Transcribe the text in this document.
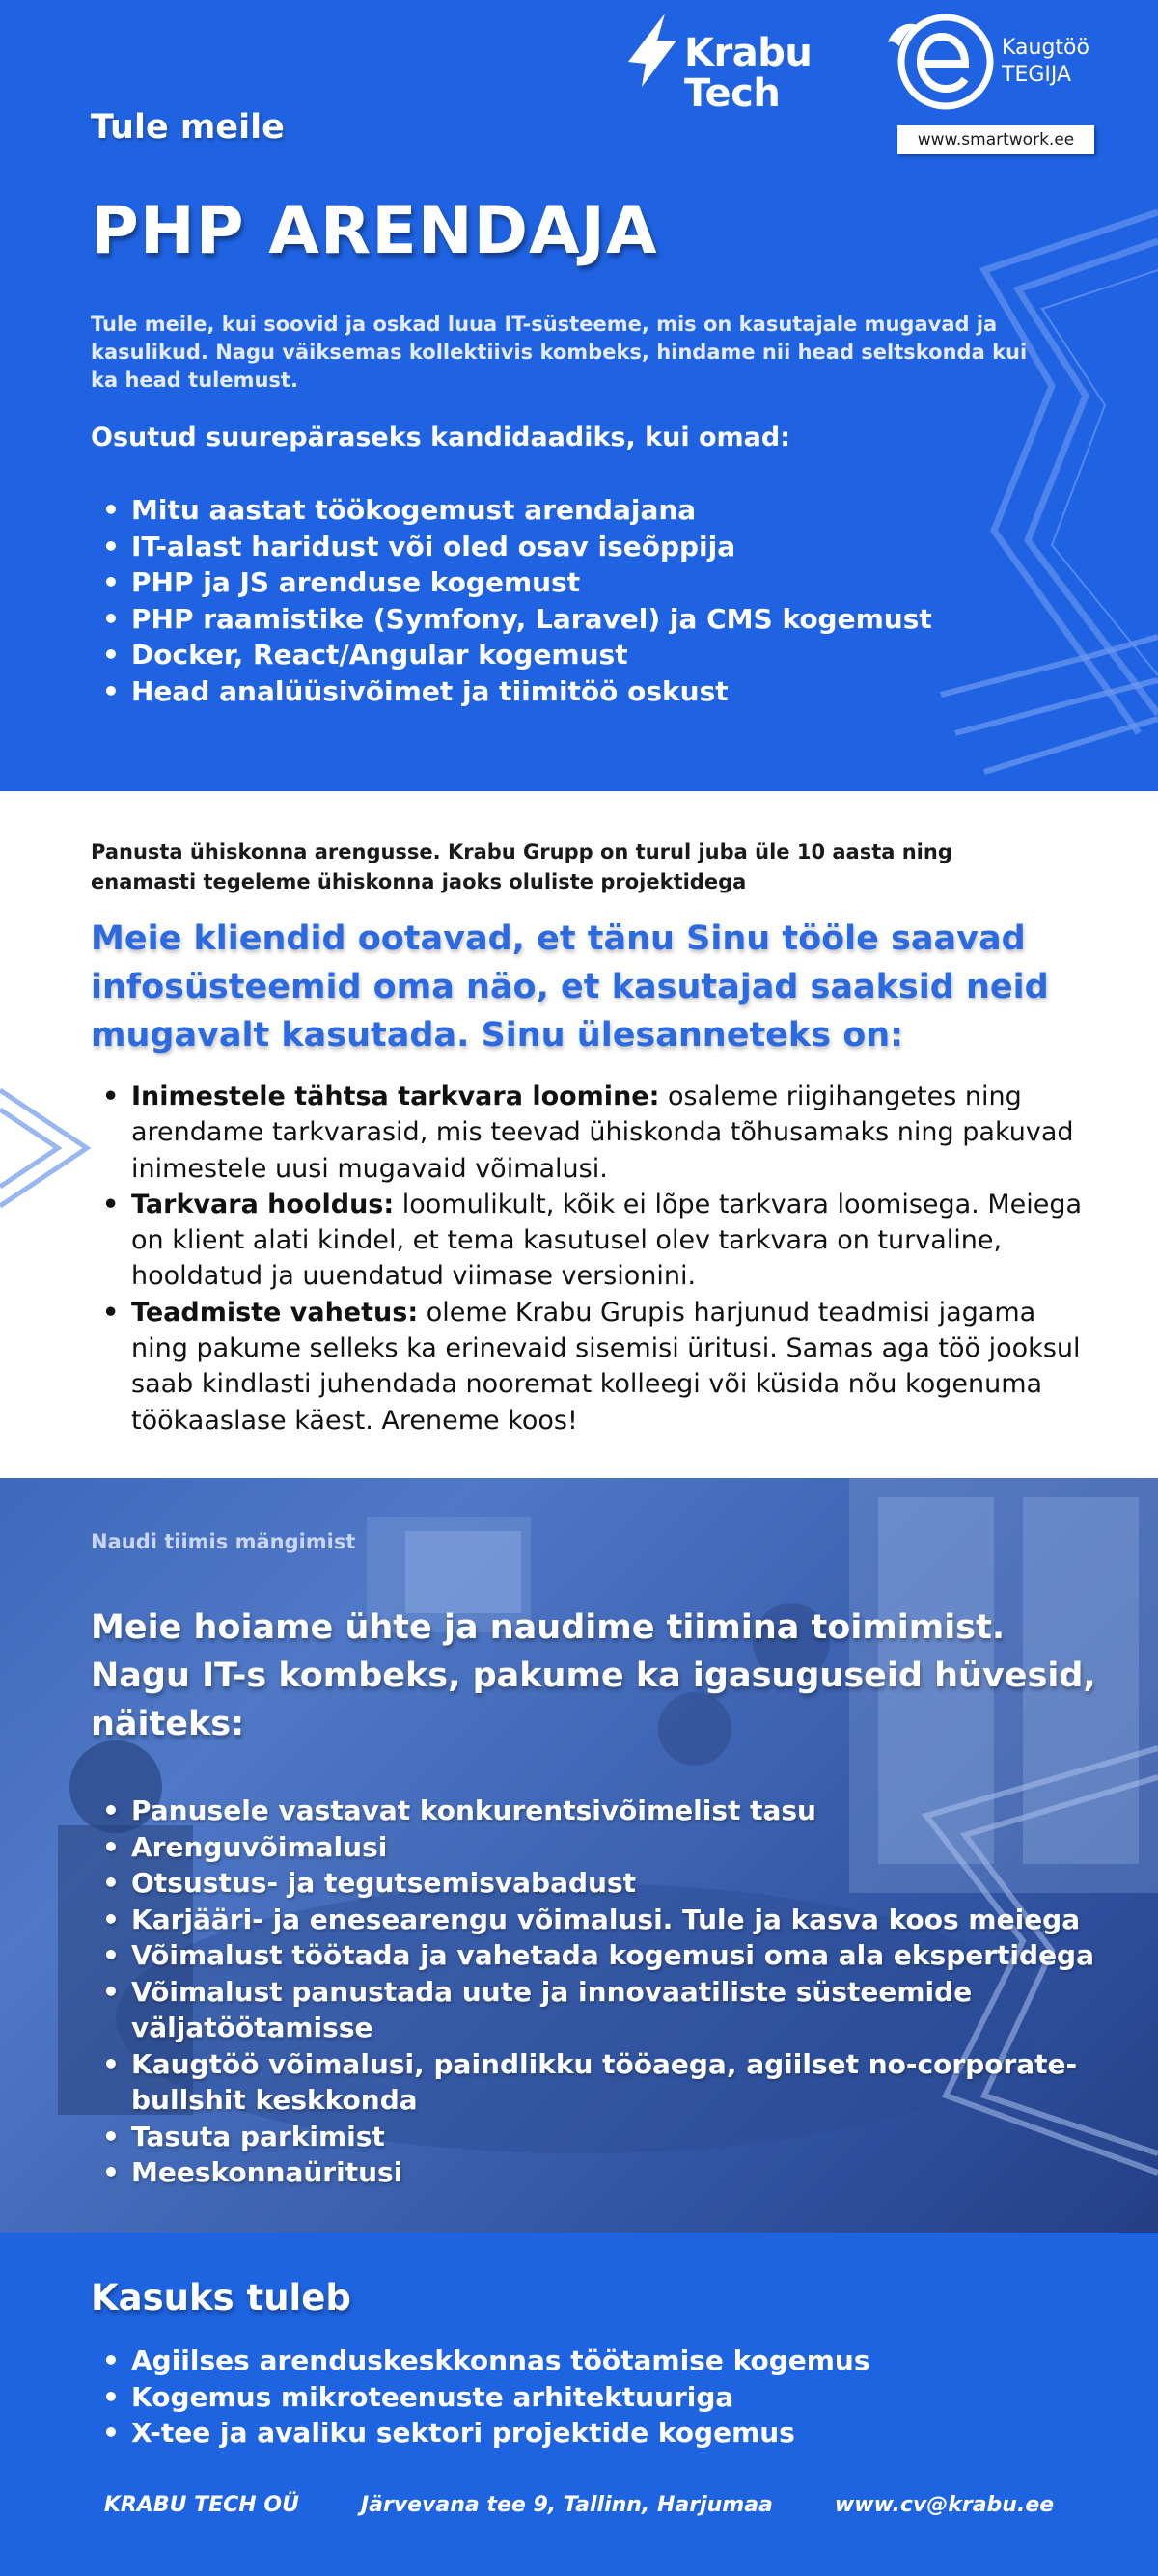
Krabu
Tech
Kaugtöö
TEGIJA
www.smartwork.ee
Tule meile
PHP ARENDAJA

Tule meile, kui soovid ja oskad luua IT-süsteeme, mis on kasutajale mugavad ja kasulikud. Nagu väiksemas kollektiivis kombeks, hindame nii head seltskonda kui ka head tulemust.

Osutud suurepäraseks kandidaadiks, kui omad:
• Mitu aastat töökogemust arendajana
• IT-alast haridust või oled osav iseõppija
• PHP ja JS arenduse kogemust
• PHP raamistike (Symfony, Laravel) ja CMS kogemust
• Docker, React/Angular kogemust
• Head analüüsivõimet ja tiimitöö oskust

Panusta ühiskonna arengusse. Krabu Grupp on turul juba üle 10 aasta ning enamasti tegeleme ühiskonna jaoks oluliste projektidega

Meie kliendid ootavad, et tänu Sinu tööle saavad infosüsteemid oma näo, et kasutajad saaksid neid mugavalt kasutada. Sinu ülesanneteks on:
• Inimestele tähtsa tarkvara loomine: osaleme riigihangetes ning arendame tarkvarasid, mis teevad ühiskonda tõhusamaks ning pakuvad inimestele uusi mugavaid võimalusi.
• Tarkvara hooldus: loomulikult, kõik ei lõpe tarkvara loomisega. Meiega on klient alati kindel, et tema kasutusel olev tarkvara on turvaline, hooldatud ja uuendatud viimase versionini.
• Teadmiste vahetus: oleme Krabu Grupis harjunud teadmisi jagama ning pakume selleks ka erinevaid sisemisi üritusi. Samas aga töö jooksul saab kindlasti juhendada nooremat kolleegi või küsida nõu kogenuma töökaaslase käest. Areneme koos!
Naudi tiimis mängimist
Meie hoiame ühte ja naudime tiimina toimimist. Nagu IT-s kombeks, pakume ka igasuguseid hüvesid, näiteks:
• Panusele vastavat konkurentsivõimelist tasu
• Arenguvõimalusi
• Otsustus- ja tegutsemisvabadust
• Karjääri- ja enesearengu võimalusi. Tule ja kasva koos meiega
• Võimalust töötada ja vahetada kogemusi oma ala ekspertidega
• Võimalust panustada uute ja innovaatiliste süsteemide väljatöötamisse
• Kaugtöö võimalusi, paindlikku tööaega, agiilset no-corporate-bullshit keskkonda
• Tasuta parkimist
• Meeskonnaüritusi
Kasuks tuleb
• Agiilses arenduskeskkonnas töötamise kogemus
• Kogemus mikroteenuste arhitektuuriga
• X-tee ja avaliku sektori projektide kogemus
KRABU TECH OÜ	Järvevana tee 9, Tallinn, Harjumaa	www.cv@krabu.ee
